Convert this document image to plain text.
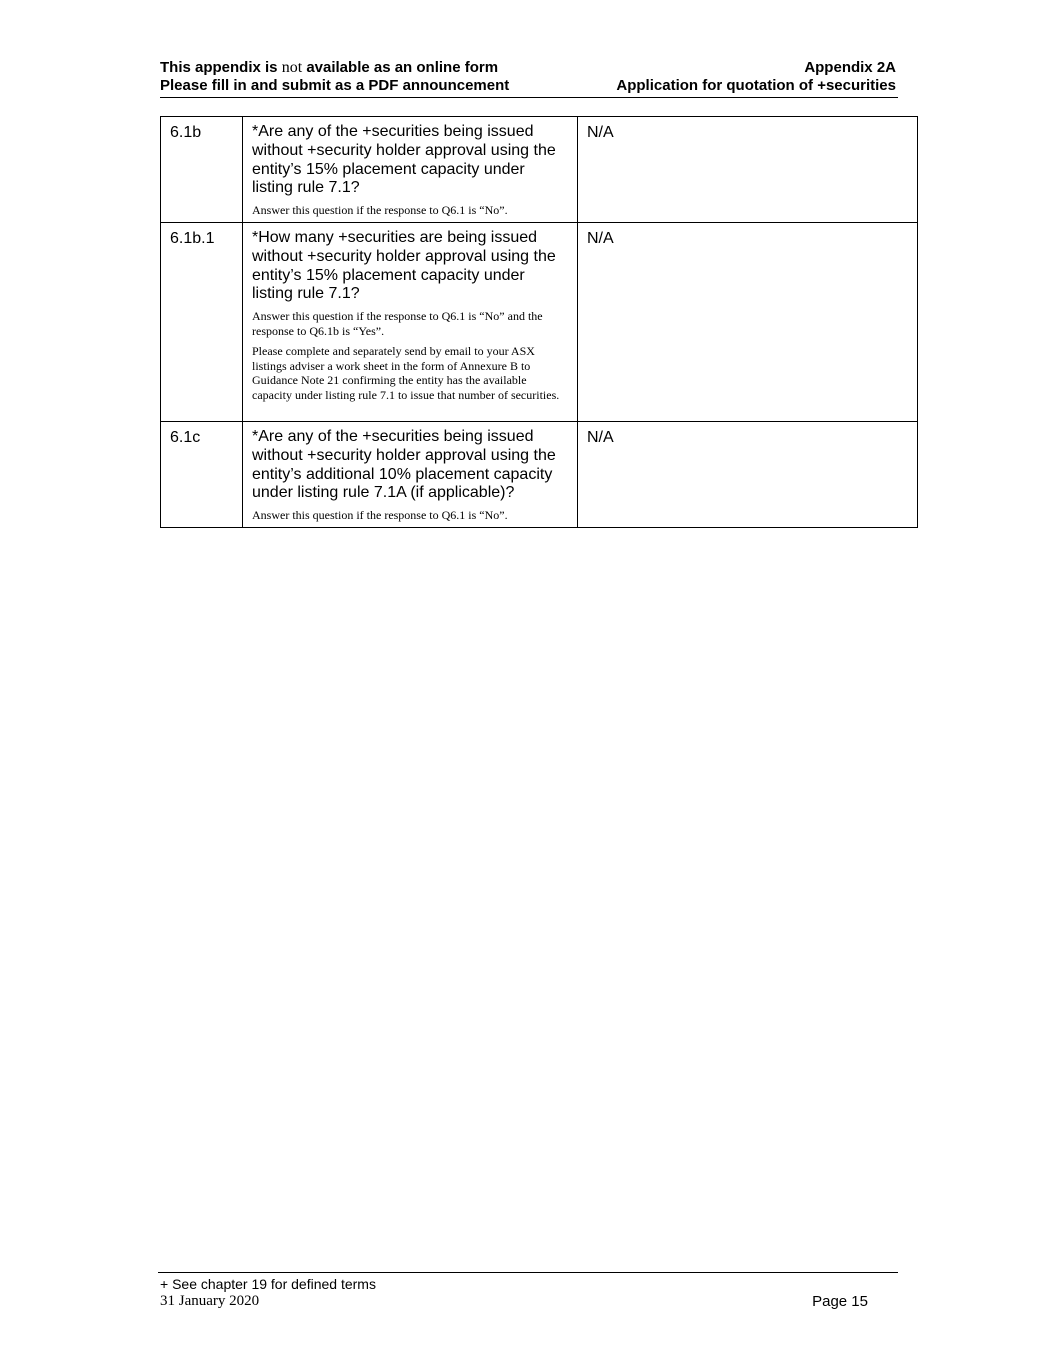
This appendix is not available as an online form
Please fill in and submit as a PDF announcement
Appendix 2A
Application for quotation of +securities
6.1b	*Are any of the +securities being issued without +security holder approval using the entity’s 15% placement capacity under listing rule 7.1?
Answer this question if the response to Q6.1 is “No”.	N/A

6.1b.1	*How many +securities are being issued without +security holder approval using the entity’s 15% placement capacity under listing rule 7.1?
Answer this question if the response to Q6.1 is “No” and the response to Q6.1b is “Yes”.
Please complete and separately send by email to your ASX listings adviser a work sheet in the form of Annexure B to Guidance Note 21 confirming the entity has the available capacity under listing rule 7.1 to issue that number of securities.	N/A

6.1c	*Are any of the +securities being issued without +security holder approval using the entity’s additional 10% placement capacity under listing rule 7.1A (if applicable)?
Answer this question if the response to Q6.1 is “No”.	N/A
+ See chapter 19 for defined terms
31 January 2020	Page 15
